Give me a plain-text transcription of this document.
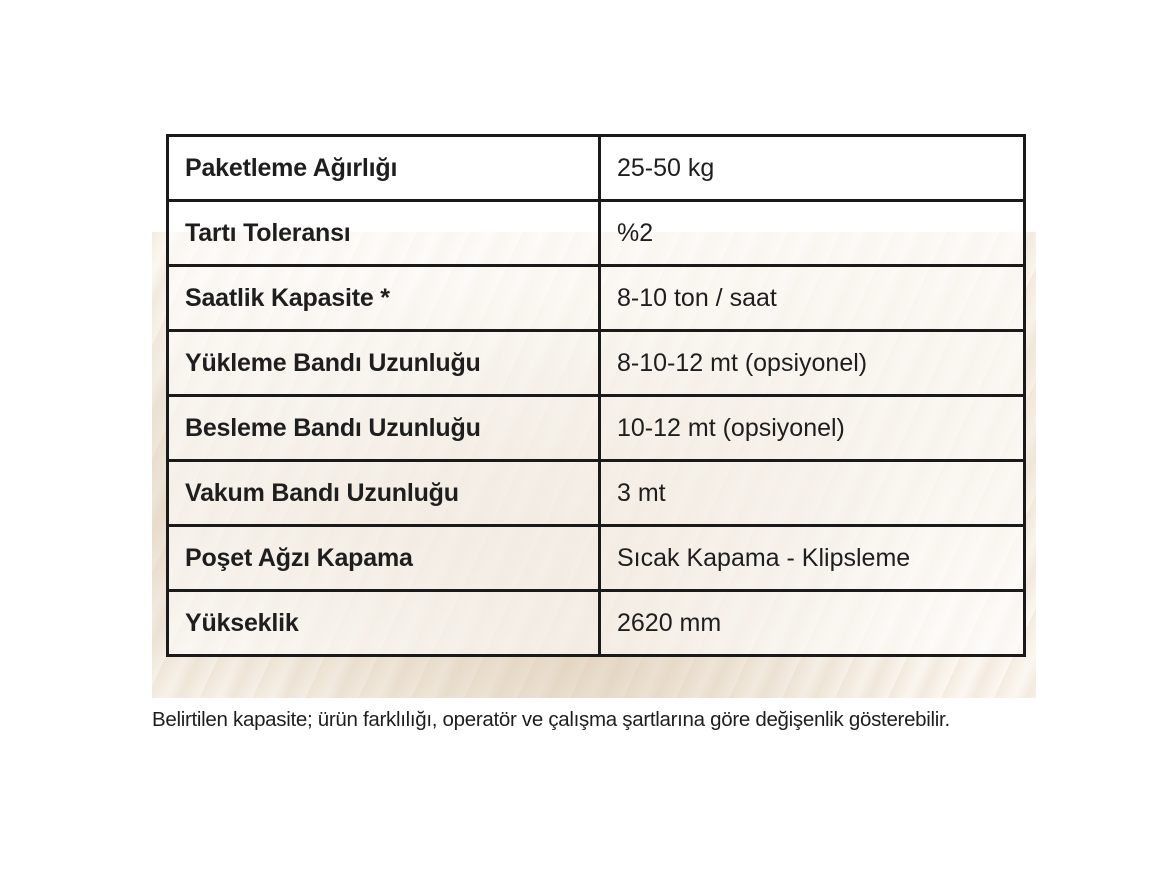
Paketleme Ağırlığı	25-50 kg
Tartı Toleransı	%2
Saatlik Kapasite *	8-10 ton / saat
Yükleme Bandı Uzunluğu	8-10-12 mt (opsiyonel)
Besleme Bandı Uzunluğu	10-12 mt (opsiyonel)
Vakum Bandı Uzunluğu	3 mt
Poşet Ağzı Kapama	Sıcak Kapama - Klipsleme
Yükseklik	2620 mm
Belirtilen kapasite; ürün farklılığı, operatör ve çalışma şartlarına göre değişenlik gösterebilir.
